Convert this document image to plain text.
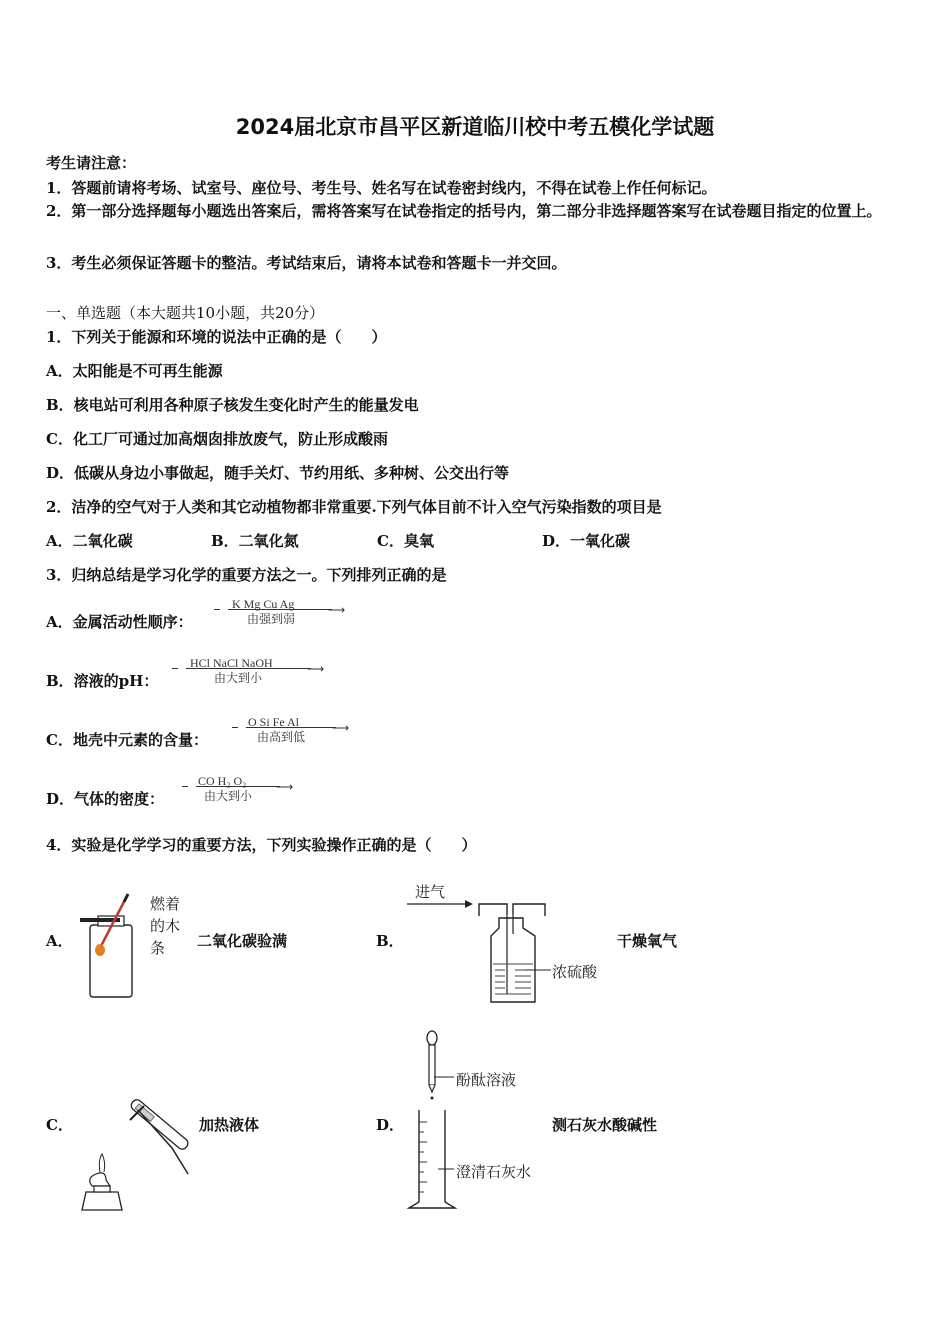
2024届北京市昌平区新道临川校中考五模化学试题
考生请注意：
1．答题前请将考场、试室号、座位号、考生号、姓名写在试卷密封线内，不得在试卷上作任何标记。
2．第一部分选择题每小题选出答案后，需将答案写在试卷指定的括号内，第二部分非选择题答案写在试卷题目指定的位置上。
3．考生必须保证答题卡的整洁。考试结束后，请将本试卷和答题卡一并交回。
一、单选题（本大题共10小题，共20分）
1．下列关于能源和环境的说法中正确的是（　　）
A．太阳能是不可再生能源
B．核电站可利用各种原子核发生变化时产生的能量发电
C．化工厂可通过加高烟囱排放废气，防止形成酸雨
D．低碳从身边小事做起，随手关灯、节约用纸、多种树、公交出行等
2．洁净的空气对于人类和其它动植物都非常重要.下列气体目前不计入空气污染指数的项目是
A．二氧化碳	B．二氧化氮	C．臭氧	D．一氧化碳
3．归纳总结是学习化学的重要方法之一。下列排列正确的是
A．金属活动性顺序：
K Mg Cu Ag	⟶
由强到弱
B．溶液的pH：
HCl NaCl NaOH	⟶
由大到小
C．地壳中元素的含量：
O Si Fe Al	⟶
由高到低
D．气体的密度：
CO H₂ O₂ ⟶
由大到小
4．实验是化学学习的重要方法，下列实验操作正确的是（　　）
A．
燃着
的木
条 二氧化碳验满	B．
进气
浓硫酸
干燥氧气
C．	加热液体	D．
酚酞溶液
澄清石灰水
测石灰水酸碱性
